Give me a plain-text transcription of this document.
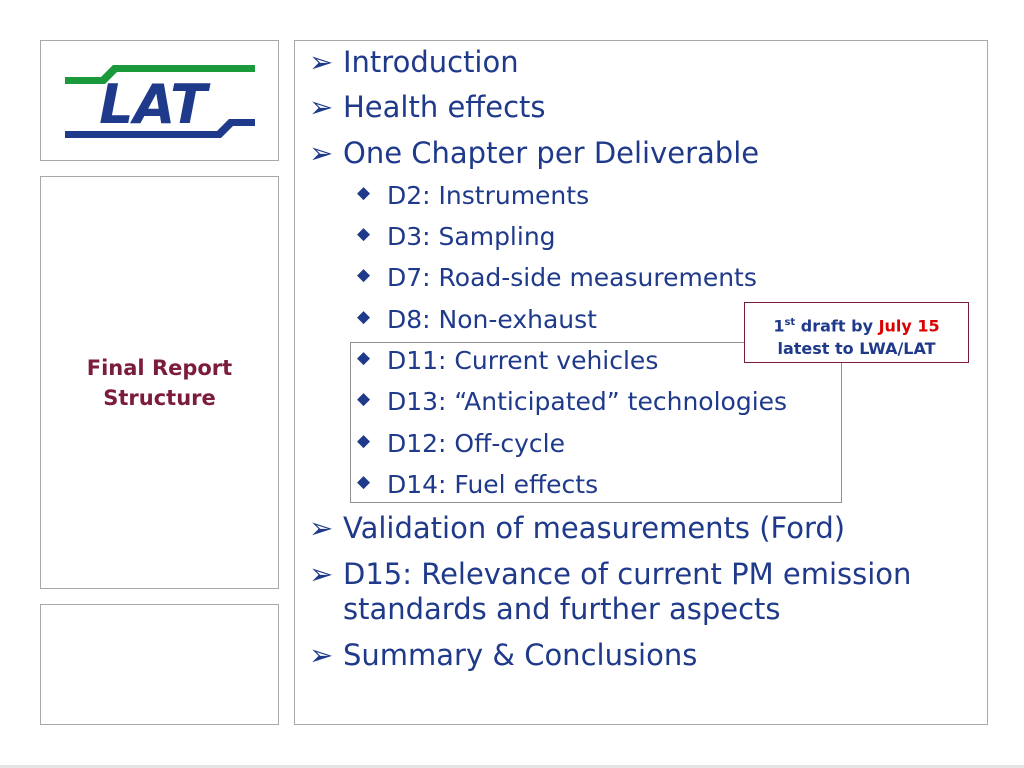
LAT
Final Report
Structure
➢ Introduction
➢ Health effects
➢ One Chapter per Deliverable
◆ D2: Instruments
◆ D3: Sampling
◆ D7: Road-side measurements
◆ D8: Non-exhaust
◆ D11: Current vehicles
◆ D13: “Anticipated” technologies
◆ D12: Off-cycle
◆ D14: Fuel effects
➢ Validation of measurements (Ford)
➢ D15: Relevance of current PM emission
standards and further aspects
➢ Summary & Conclusions
1st draft by July 15
latest to LWA/LAT
